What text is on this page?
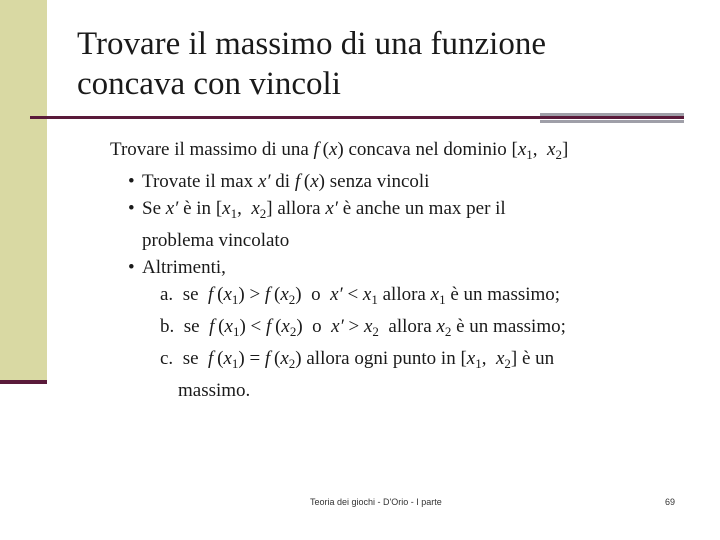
Trovare il massimo di una funzione
concava con vincoli
Trovare il massimo di una f (x) concava nel dominio [$x_1$,  $x_2$]
• Trovate il max x′ di f (x) senza vincoli
• Se x′ è in [$x_1$,  $x_2$] allora x′ è anche un max per il
problema vincolato
• Altrimenti,
a. se f $(x_1) > f$ $(x_2)$  o $x' < x_1$ allora $x_1$ è un massimo;
b. se f $(x_1) < f$ $(x_2)$  o $x' > x_2$ allora $x_2$ è un massimo;
c. se f $(x_1) = f$ $(x_2)$ allora ogni punto in [$x_1$,  $x_2$] è un
massimo.
Teoria dei giochi - D'Orio - I parte	69
